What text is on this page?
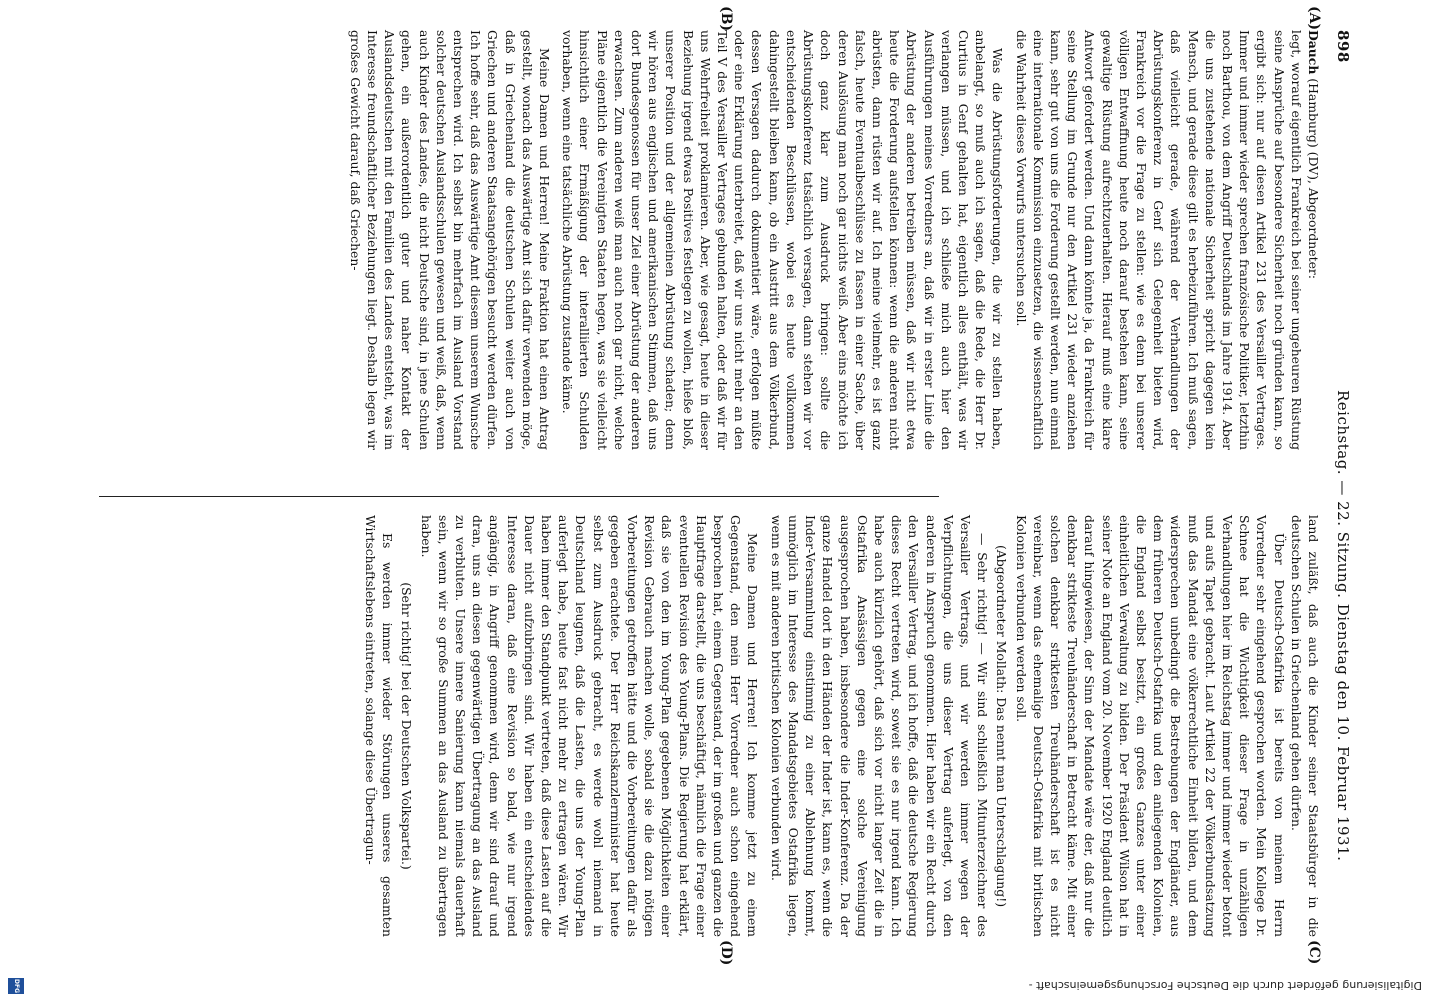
898
Reichstag. — 22. Sitzung. Dienstag den 10. Februar 1931.
(A)
(B)
(C)
(D)

Dauch (Hamburg) (DV), Abgeordneter:

legt, worauf eigentlich Frankreich bei seiner ungeheuren Rüstung seine Ansprüche auf besondere Sicherheit noch gründen kann, so ergibt sich: nur auf diesen Artikel 231 des Versailler Vertrages. Immer und immer wieder sprechen französische Politiker, letzthin noch Barthou, von dem Angriff Deutschlands im Jahre 1914. Aber die uns zustehende nationale Sicherheit spricht dagegen kein Mensch, und gerade diese gilt es herbeizuführen. Ich muß sagen, daß vielleicht gerade, während der Verhandlungen der Abrüstungskonferenz in Genf sich Gelegenheit bieten wird, Frankreich vor die Frage zu stellen: wie es denn bei unserer völligen Entwaffnung heute noch darauf bestehen kann, seine gewaltige Rüstung aufrechtzuerhalten. Hierauf muß eine klare Antwort gefordert werden. Und dann könnte ja, da Frankreich für seine Stellung im Grunde nur den Artikel 231 wieder anziehen kann, sehr gut von uns die Forderung gestellt werden, nun einmal eine internationale Kommission einzusetzen, die wissenschaftlich die Wahrheit dieses Vorwurfs untersuchen soll.

Was die Abrüstungsforderungen, die wir zu stellen haben, anbelangt, so muß auch ich sagen, daß die Rede, die Herr Dr. Curtius in Genf gehalten hat, eigentlich alles enthält, was wir verlangen müssen, und ich schließe mich auch hier den Ausführungen meines Vorredners an, daß wir in erster Linie die Abrüstung der anderen betreiben müssen, daß wir nicht etwa heute die Forderung aufstellen können: wenn die anderen nicht abrüsten, dann rüsten wir auf. Ich meine vielmehr, es ist ganz falsch, heute Eventualbeschlüsse zu fassen in einer Sache, über deren Auslösung man noch gar nichts weiß. Aber eins möchte ich doch ganz klar zum Ausdruck bringen: sollte die Abrüstungskonferenz tatsächlich versagen, dann stehen wir vor entscheidenden Beschlüssen, wobei es heute vollkommen dahingestellt bleiben kann, ob ein Austritt aus dem Völkerbund, dessen Versagen dadurch dokumentiert wäre, erfolgen müßte oder eine Erklärung unterbreitet, daß wir uns nicht mehr an den Teil V des Versailler Vertrages gebunden halten, oder daß wir für uns Wehrfreiheit proklamieren. Aber, wie gesagt, heute in dieser Beziehung irgend etwas Positives festlegen zu wollen, hieße bloß, unserer Position und der allgemeinen Abrüstung schaden; denn wir hören aus englischen und amerikanischen Stimmen, daß uns dort Bundesgenossen für unser Ziel einer Abrüstung der anderen erwachsen. Zum anderen weiß man auch noch gar nicht, welche Pläne eigentlich die Vereinigten Staaten hegen, was sie vielleicht hinsichtlich einer Ermäßigung der interalliierten Schulden vorhaben, wenn eine tatsächliche Abrüstung zustande käme.

Meine Damen und Herren! Meine Fraktion hat einen Antrag gestellt, wonach das Auswärtige Amt sich dafür verwenden möge, daß in Griechenland die deutschen Schulen weiter auch von Griechen und anderen Staatsangehörigen besucht werden dürfen. Ich hoffe sehr, daß das Auswärtige Amt diesem unserem Wunsche entsprechen wird. Ich selbst bin mehrfach im Ausland Vorstand solcher deutschen Auslandsschulen gewesen und weiß, daß, wenn auch Kinder des Landes, die nicht Deutsche sind, in jene Schulen gehen, ein außerordentlich guter und naher Kontakt der Auslandsdeutschen mit den Familien des Landes entsteht, was im Interesse freundschaftlicher Beziehungen liegt. Deshalb legen wir großes Gewicht darauf, daß Griechen-

land zuläßt, daß auch die Kinder seiner Staatsbürger in die deutschen Schulen in Griechenland gehen dürfen.

Über Deutsch-Ostafrika ist bereits von meinem Herrn Vorredner sehr eingehend gesprochen worden. Mein Kollege Dr. Schnee hat die Wichtigkeit dieser Frage in unzähligen Verhandlungen hier im Reichstag immer und immer wieder betont und aufs Tapet gebracht. Laut Artikel 22 der Völkerbundsatzung muß das Mandat eine völkerrechtliche Einheit bilden, und dem widersprechen unbedingt die Bestrebungen der Engländer, aus dem früheren Deutsch-Ostafrika und den anliegenden Kolonien, die England selbst besitzt, ein großes Ganzes unter einer einheitlichen Verwaltung zu bilden. Der Präsident Wilson hat in seiner Note an England vom 20. November 1920 England deutlich darauf hingewiesen, der Sinn der Mandate wäre der, daß nur die denkbar strikteste Treuhänderschaft in Betracht käme. Mit einer solchen denkbar striktesten Treuhänderschaft ist es nicht vereinbar, wenn das ehemalige Deutsch-Ostafrika mit britischen Kolonien verbunden werden soll.

(Abgeordneter Mollath: Das nennt man Unterschlagung!)

— Sehr richtig! — Wir sind schließlich Mitunterzeichner des Versailler Vertrags, und wir werden immer wegen der Verpflichtungen, die uns dieser Vertrag auferlegt, von den anderen in Anspruch genommen. Hier haben wir ein Recht durch den Versailler Vertrag, und ich hoffe, daß die deutsche Regierung dieses Recht vertreten wird, soweit sie es nur irgend kann. Ich habe auch kürzlich gehört, daß sich vor nicht langer Zeit die in Ostafrika Ansässigen gegen eine solche Vereinigung ausgesprochen haben, insbesondere die Inder-Konferenz. Da der ganze Handel dort in den Händen der Inder ist, kann es, wenn die Inder-Versammlung einstimmig zu einer Ablehnung kommt, unmöglich im Interesse des Mandatsgebietes Ostafrika liegen, wenn es mit anderen britischen Kolonien verbunden wird.

Meine Damen und Herren! Ich komme jetzt zu einem Gegenstand, den mein Herr Vorredner auch schon eingehend besprochen hat, einem Gegenstand, der im großen und ganzen die Hauptfrage darstellt, die uns beschäftigt, nämlich die Frage einer eventuellen Revision des Young-Plans. Die Regierung hat erklärt, daß sie von den im Young-Plan gegebenen Möglichkeiten einer Revision Gebrauch machen wolle, sobald sie die dazu nötigen Vorbereitungen getroffen hätte und die Vorbereitungen dafür als gegeben erachtete. Der Herr Reichskanzlerminister hat heute selbst zum Ausdruck gebracht, es werde wohl niemand in Deutschland leugnen, daß die Lasten, die uns der Young-Plan auferlegt habe, heute fast nicht mehr zu ertragen wären. Wir haben immer den Standpunkt vertreten, daß diese Lasten auf die Dauer nicht aufzubringen sind. Wir haben ein entscheidendes Interesse daran, daß eine Revision so bald, wie nur irgend angängig, in Angriff genommen wird, denn wir sind drauf und dran, uns an diesen gegenwärtigen Übertragung an das Ausland zu verbluten. Unsere innere Sanierung kann niemals dauerhaft sein, wenn wir so große Summen an das Ausland zu übertragen haben.

(Sehr richtig! bei der Deutschen Volkspartei.)

Es werden immer wieder Störungen unseres gesamten Wirtschaftslebens eintreten, solange diese Übertragun-

Digitalisierung gefördert durch die Deutsche Forschungsgemeinschaft -
DFG
